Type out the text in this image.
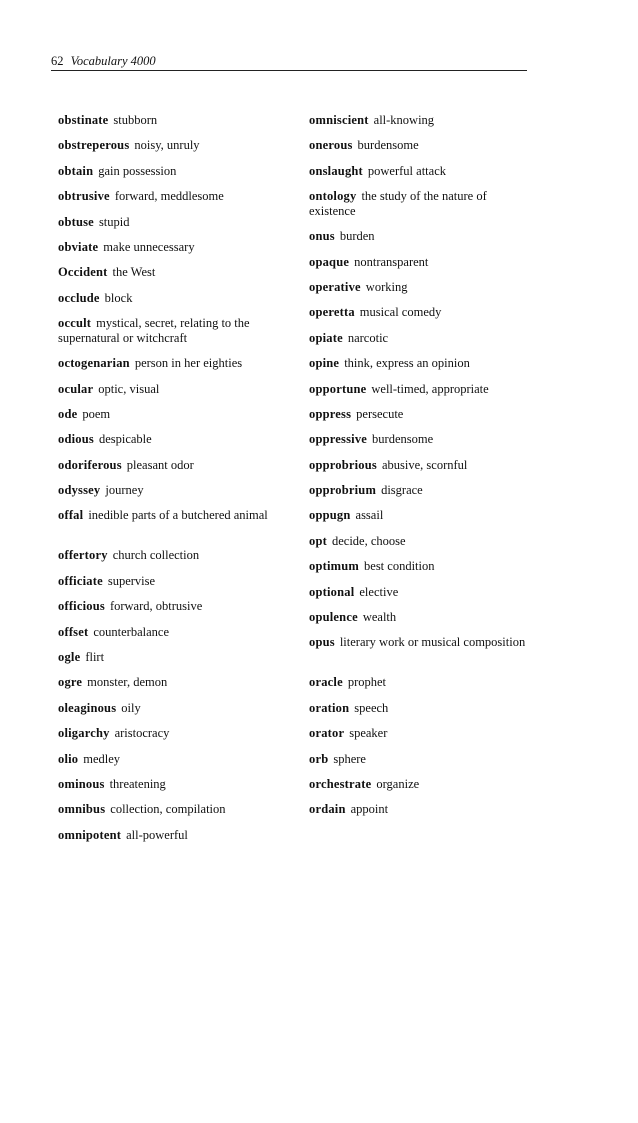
62 Vocabulary 4000

obstinate stubborn

obstreperous noisy, unruly

obtain gain possession

obtrusive forward, meddlesome

obtuse stupid

obviate make unnecessary

Occident the West

occlude block

occult mystical, secret, relating to the supernatural or witchcraft

octogenarian person in her eighties

ocular optic, visual

ode poem

odious despicable

odoriferous pleasant odor

odyssey journey

offal inedible parts of a butchered animal

offertory church collection

officiate supervise

officious forward, obtrusive

offset counterbalance

ogle flirt

ogre monster, demon

oleaginous oily

oligarchy aristocracy

olio medley

ominous threatening

omnibus collection, compilation

omnipotent all-powerful

omniscient all-knowing

onerous burdensome

onslaught powerful attack

ontology the study of the nature of existence

onus burden

opaque nontransparent

operative working

operetta musical comedy

opiate narcotic

opine think, express an opinion

opportune well-timed, appropriate

oppress persecute

oppressive burdensome

opprobrious abusive, scornful

opprobrium disgrace

oppugn assail

opt decide, choose

optimum best condition

optional elective

opulence wealth

opus literary work or musical composition

oracle prophet

oration speech

orator speaker

orb sphere

orchestrate organize

ordain appoint
